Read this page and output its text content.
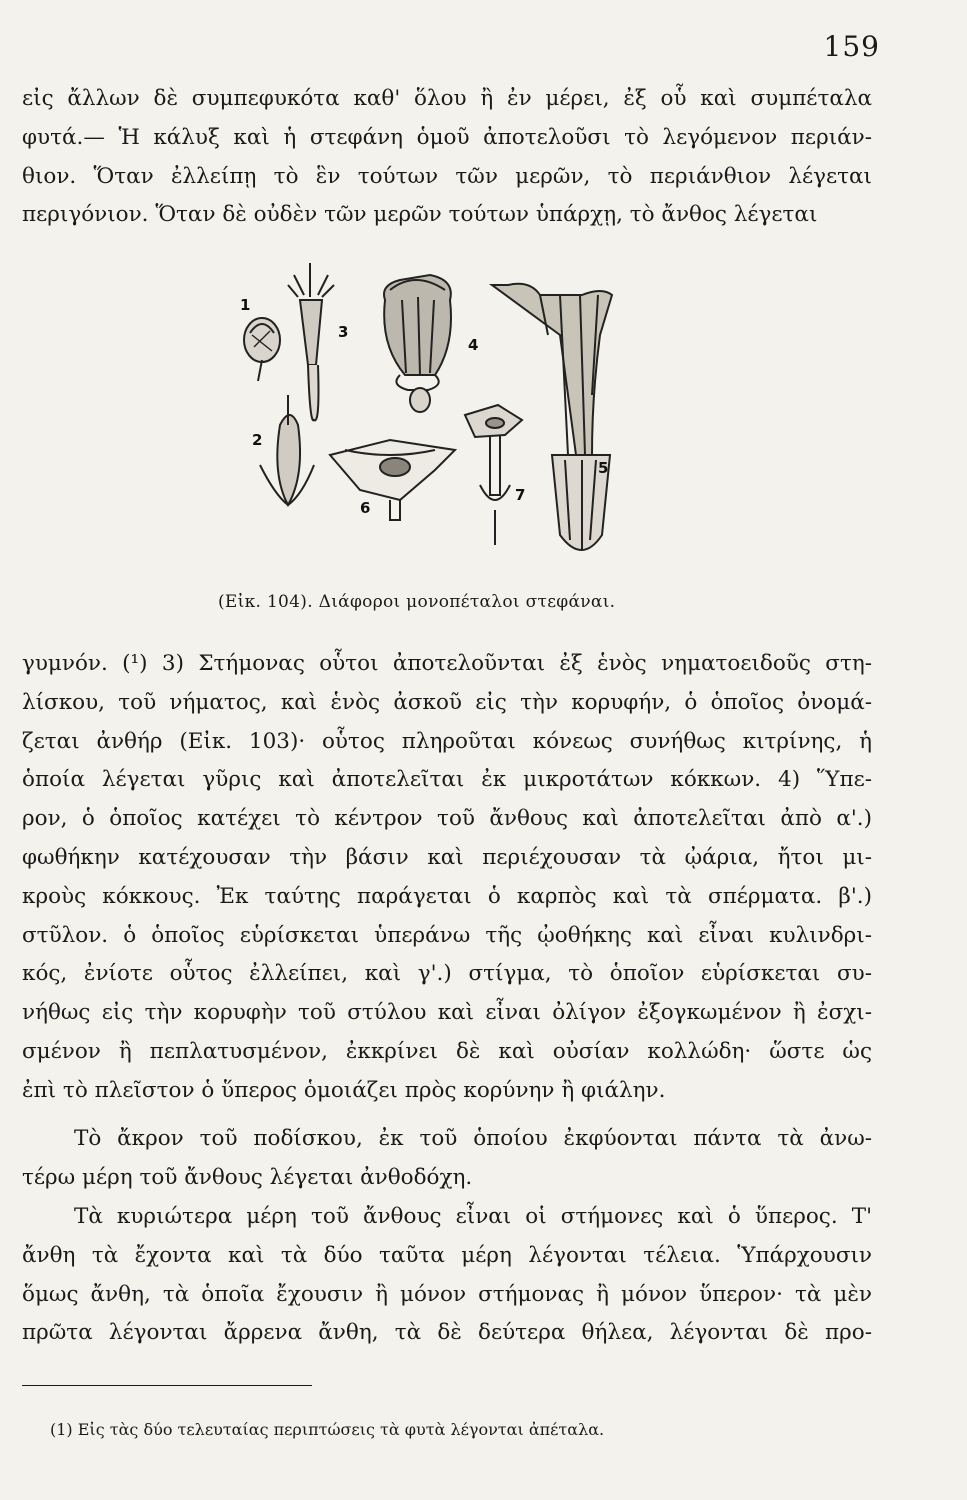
159

εἰς ἄλλων δὲ συμπεφυκότα καθ' ὅλου ἢ ἐν μέρει, ἐξ οὗ καὶ συμπέταλα
φυτά.— Ἡ κάλυξ καὶ ἡ στεφάνη ὁμοῦ ἀποτελοῦσι τὸ λεγόμενον περιάν-
θιον. Ὅταν ἐλλείπῃ τὸ ἓν τούτων τῶν μερῶν, τὸ περιάνθιον λέγεται
περιγόνιον. Ὅταν δὲ οὐδὲν τῶν μερῶν τούτων ὑπάρχῃ, τὸ ἄνθος λέγεται

1
2
3
4
5
6
7
(Εἰκ. 104). Διάφοροι μονοπέταλοι στεφάναι.

γυμνόν. (¹) 3) Στήμονας οὗτοι ἀποτελοῦνται ἐξ ἑνὸς νηματοειδοῦς στη-
λίσκου, τοῦ νήματος, καὶ ἑνὸς ἀσκοῦ εἰς τὴν κορυφήν, ὁ ὁποῖος ὀνομά-
ζεται ἀνθήρ (Εἰκ. 103)· οὗτος πληροῦται κόνεως συνήθως κιτρίνης, ἡ
ὁποία λέγεται γῦρις καὶ ἀποτελεῖται ἐκ μικροτάτων κόκκων. 4) Ὕπε-
ρον, ὁ ὁποῖος κατέχει τὸ κέντρον τοῦ ἄνθους καὶ ἀποτελεῖται ἀπὸ α'.)
φωθήκην κατέχουσαν τὴν βάσιν καὶ περιέχουσαν τὰ ᾠάρια, ἤτοι μι-
κροὺς κόκκους. Ἐκ ταύτης παράγεται ὁ καρπὸς καὶ τὰ σπέρματα. β'.)
στῦλον. ὁ ὁποῖος εὑρίσκεται ὑπεράνω τῆς ᾠοθήκης καὶ εἶναι κυλινδρι-
κός, ἐνίοτε οὗτος ἐλλείπει, καὶ γ'.) στίγμα, τὸ ὁποῖον εὑρίσκεται συ-
νήθως εἰς τὴν κορυφὴν τοῦ στύλου καὶ εἶναι ὀλίγον ἐξογκωμένον ἢ ἐσχι-
σμένον ἢ πεπλατυσμένον, ἐκκρίνει δὲ καὶ οὐσίαν κολλώδη· ὥστε ὡς
ἐπὶ τὸ πλεῖστον ὁ ὕπερος ὁμοιάζει πρὸς κορύνην ἢ φιάλην.

Τὸ ἄκρον τοῦ ποδίσκου, ἐκ τοῦ ὁποίου ἐκφύονται πάντα τὰ ἀνω-
τέρω μέρη τοῦ ἄνθους λέγεται ἀνθοδόχη.

Τὰ κυριώτερα μέρη τοῦ ἄνθους εἶναι οἱ στήμονες καὶ ὁ ὕπερος. Τ'
ἄνθη τὰ ἔχοντα καὶ τὰ δύο ταῦτα μέρη λέγονται τέλεια. Ὑπάρχουσιν
ὅμως ἄνθη, τὰ ὁποῖα ἔχουσιν ἢ μόνον στήμονας ἢ μόνον ὕπερον· τὰ μὲν
πρῶτα λέγονται ἄρρενα ἄνθη, τὰ δὲ δεύτερα θήλεα, λέγονται δὲ προ-

(1) Εἰς τὰς δύο τελευταίας περιπτώσεις τὰ φυτὰ λέγονται ἀπέταλα.
